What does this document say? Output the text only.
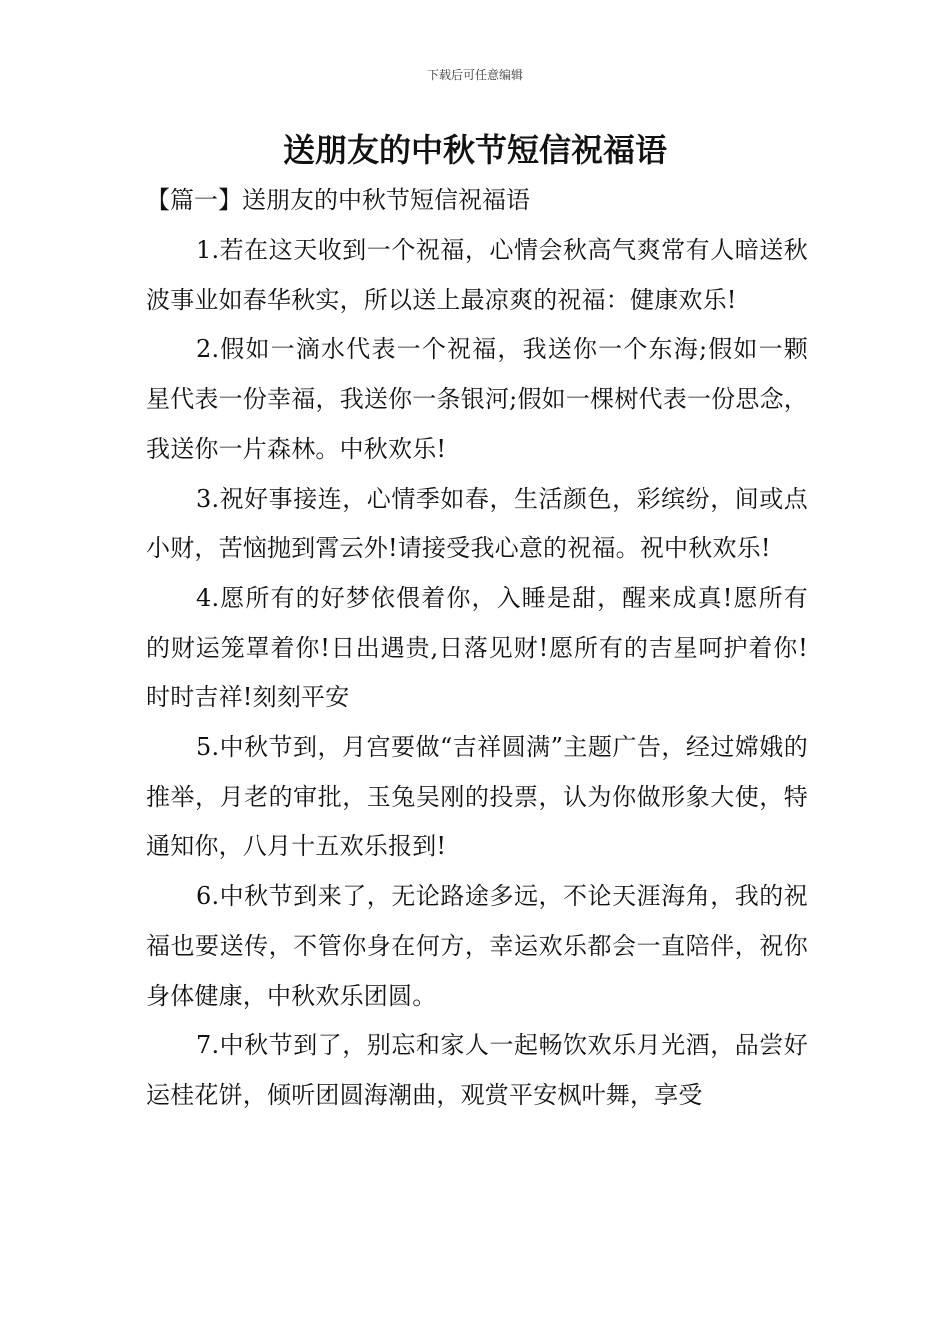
下载后可任意编辑
送朋友的中秋节短信祝福语
【篇一】送朋友的中秋节短信祝福语

1.若在这天收到一个祝福，心情会秋高气爽常有人暗送秋波事业如春华秋实，所以送上最凉爽的祝福：健康欢乐!

2.假如一滴水代表一个祝福，我送你一个东海;假如一颗星代表一份幸福，我送你一条银河;假如一棵树代表一份思念，我送你一片森林。中秋欢乐!

3.祝好事接连，心情季如春，生活颜色，彩缤纷，间或点小财，苦恼抛到霄云外!请接受我心意的祝福。祝中秋欢乐!

4.愿所有的好梦依偎着你，入睡是甜，醒来成真!愿所有的财运笼罩着你!日出遇贵,日落见财!愿所有的吉星呵护着你!时时吉祥!刻刻平安

5.中秋节到，月宫要做“吉祥圆满”主题广告，经过嫦娥的推举，月老的审批，玉兔吴刚的投票，认为你做形象大使，特通知你，八月十五欢乐报到!

6.中秋节到来了，无论路途多远，不论天涯海角，我的祝福也要送传，不管你身在何方，幸运欢乐都会一直陪伴，祝你身体健康，中秋欢乐团圆。

7.中秋节到了，别忘和家人一起畅饮欢乐月光酒，品尝好运桂花饼，倾听团圆海潮曲，观赏平安枫叶舞，享受
